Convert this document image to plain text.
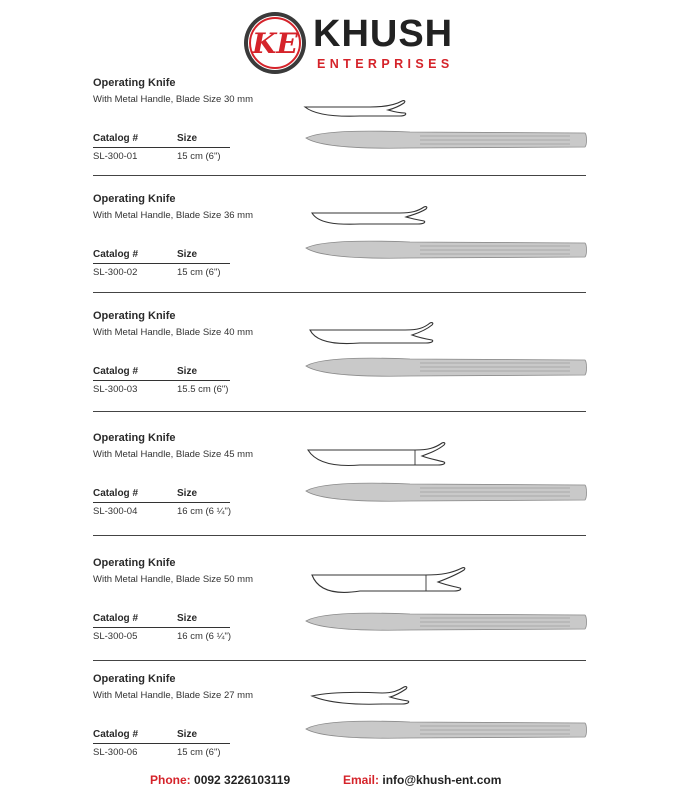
KE KHUSH
ENTERPRISES
Operating Knife
With Metal Handle, Blade Size 30 mm
Catalog #	Size
SL-300-01	15 cm (6")
Operating Knife
With Metal Handle, Blade Size 36 mm
Catalog #	Size
SL-300-02	15 cm (6")
Operating Knife
With Metal Handle, Blade Size 40 mm
Catalog #	Size
SL-300-03	15.5 cm (6")
Operating Knife
With Metal Handle, Blade Size 45 mm
Catalog #	Size
SL-300-04	16 cm (6 ¼")
Operating Knife
With Metal Handle, Blade Size 50 mm
Catalog #	Size
SL-300-05	16 cm (6 ¼")
Operating Knife
With Metal Handle, Blade Size 27 mm
Catalog #	Size
SL-300-06	15 cm (6")
Phone: 0092 3226103119	Email: info@khush-ent.com
